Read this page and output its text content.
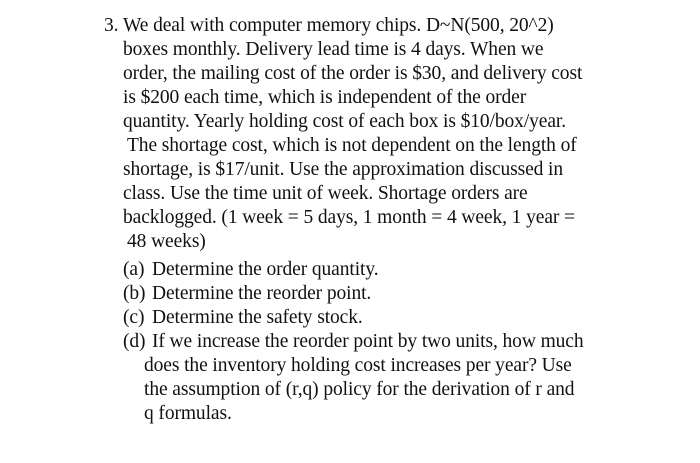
3. We deal with computer memory chips. D~N(500, 20^2)
boxes monthly. Delivery lead time is 4 days. When we
order, the mailing cost of the order is $30, and delivery cost
is $200 each time, which is independent of the order
quantity. Yearly holding cost of each box is $10/box/year.
The shortage cost, which is not dependent on the length of
shortage, is $17/unit. Use the approximation discussed in
class. Use the time unit of week. Shortage orders are
backlogged. (1 week = 5 days, 1 month = 4 week, 1 year =
48 weeks)
(a) Determine the order quantity.
(b) Determine the reorder point.
(c) Determine the safety stock.
(d) If we increase the reorder point by two units, how much
does the inventory holding cost increases per year? Use
the assumption of (r,q) policy for the derivation of r and
q formulas.
